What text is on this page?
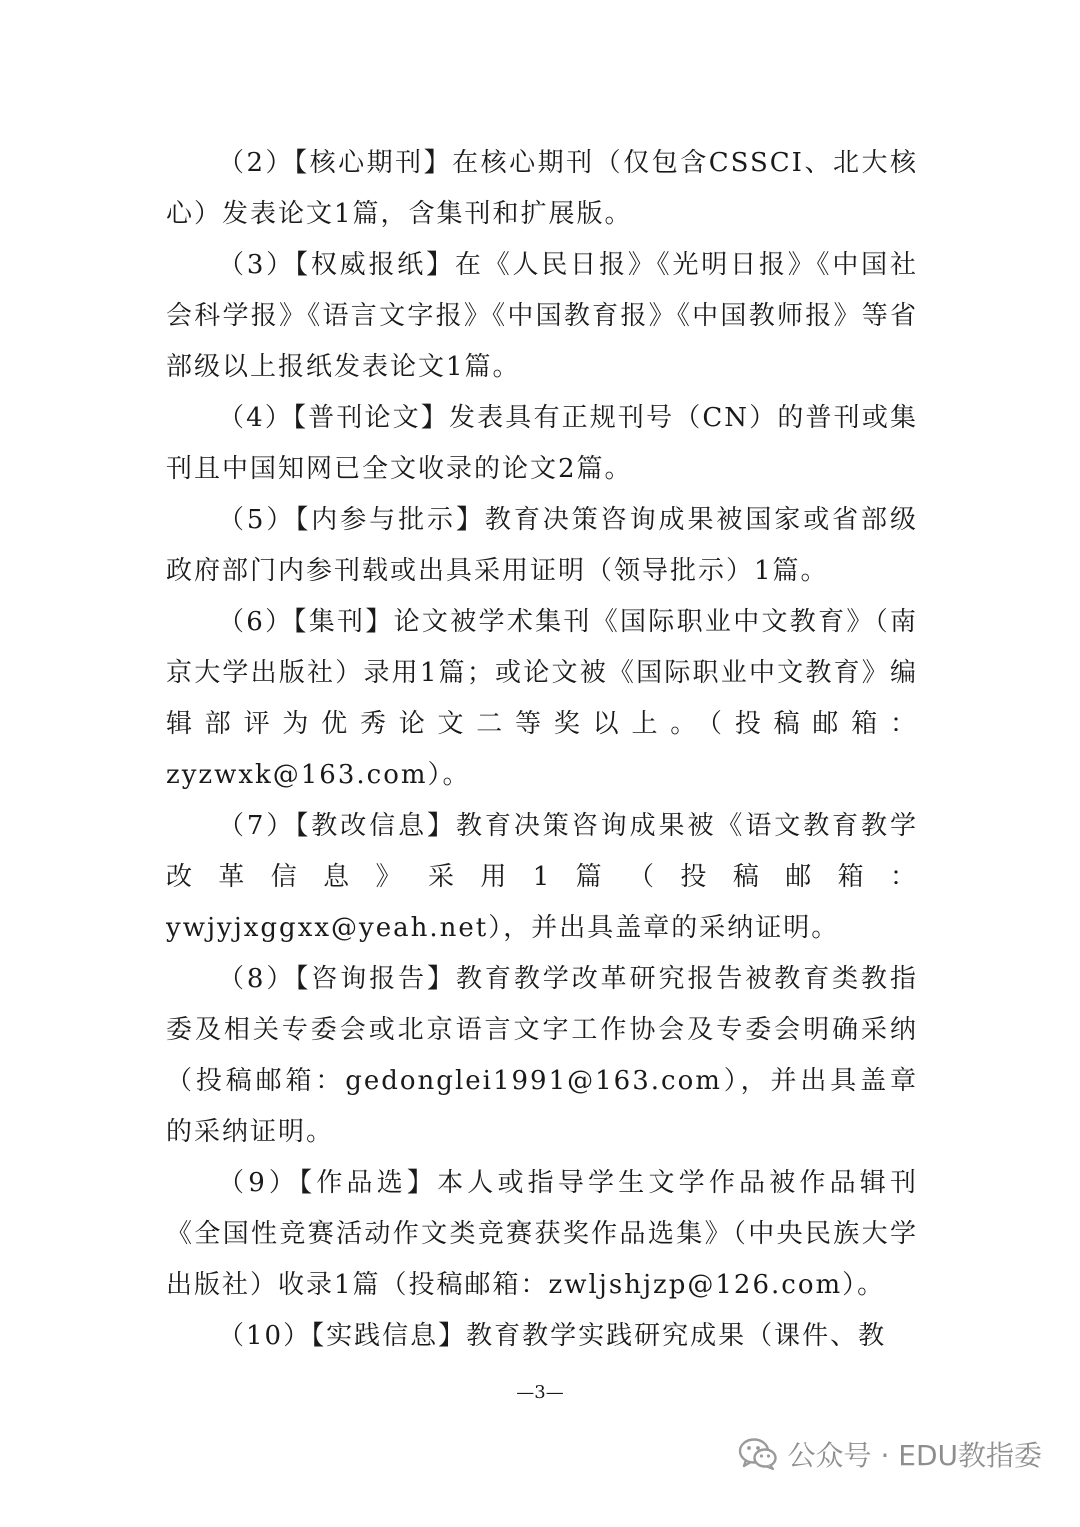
（2）【核心期刊】在核心期刊（仅包含CSSCI、北大核心）发表论文1篇，含集刊和扩展版。

（3）【权威报纸】在《人民日报》《光明日报》《中国社会科学报》《语言文字报》《中国教育报》《中国教师报》等省部级以上报纸发表论文1篇。

（4）【普刊论文】发表具有正规刊号（CN）的普刊或集刊且中国知网已全文收录的论文2篇。

（5）【内参与批示】教育决策咨询成果被国家或省部级政府部门内参刊载或出具采用证明（领导批示）1篇。

（6）【集刊】论文被学术集刊《国际职业中文教育》（南京大学出版社）录用1篇；或论文被《国际职业中文教育》编辑部评为优秀论文二等奖以上。（投稿邮箱：zyzwxk@163.com）。

（7）【教改信息】教育决策咨询成果被《语文教育教学改革信息》采用1篇（投稿邮箱：ywjyjxggxx@yeah.net），并出具盖章的采纳证明。

（8）【咨询报告】教育教学改革研究报告被教育类教指委及相关专委会或北京语言文字工作协会及专委会明确采纳（投稿邮箱：gedonglei1991@163.com），并出具盖章的采纳证明。

（9）【作品选】本人或指导学生文学作品被作品辑刊《全国性竞赛活动作文类竞赛获奖作品选集》（中央民族大学出版社）收录1篇（投稿邮箱：zwljshjzp@126.com）。

（10）【实践信息】教育教学实践研究成果（课件、教

—3—
公众号 · EDU教指委
